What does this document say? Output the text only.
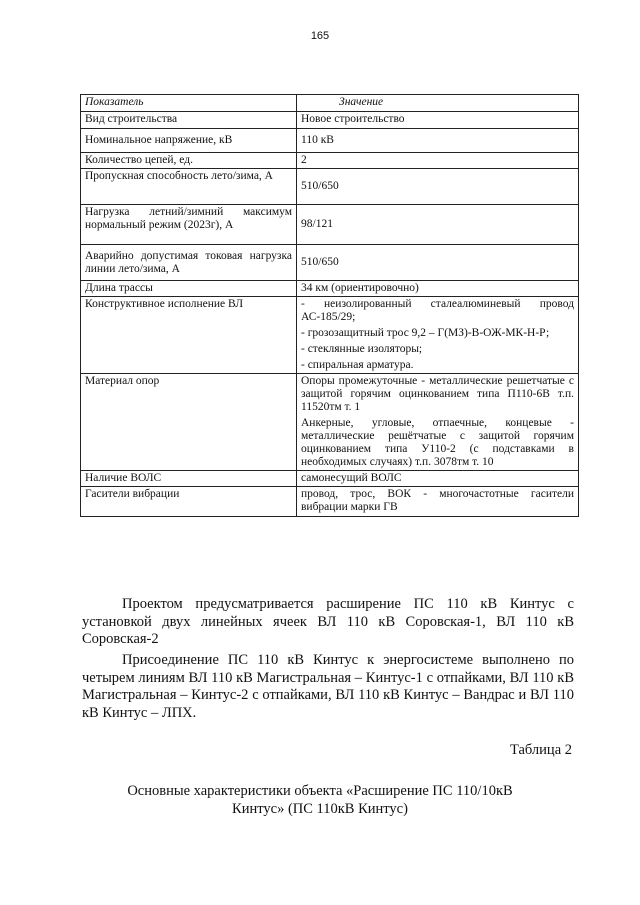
165
Показатель	Значение
Вид строительства	Новое строительство
Номинальное напряжение, кВ	110 кВ
Количество цепей, ед.	2
Пропускная способность лето/зима, А	510/650
Нагрузка летний/зимний максимум нормальный режим (2023г), А	98/121
Аварийно допустимая токовая нагрузка линии лето/зима, А	510/650
Длина трассы	34 км (ориентировочно)
Конструктивное исполнение ВЛ	- неизолированный сталеалюминевый провод АС-185/29;

- грозозащитный трос 9,2 – Г(МЗ)-В-ОЖ-МК-Н-Р;

- стеклянные изоляторы;

- спиральная арматура.

Материал опор	Опоры промежуточные - металлические решетчатые с защитой горячим оцинкованием типа П110-6В т.п. 11520тм т. 1

Анкерные, угловые, отпаечные, концевые - металлические решётчатые с защитой горячим оцинкованием типа У110-2 (с подставками в необходимых случаях) т.п. 3078тм т. 10

Наличие ВОЛС	самонесущий ВОЛС
Гасители вибрации	провод, трос, ВОК - многочастотные гасители вибрации марки ГВ

Проектом предусматривается расширение ПС 110 кВ Кинтус с установкой двух линейных ячеек ВЛ 110 кВ Соровская-1, ВЛ 110 кВ Соровская-2

Присоединение ПС 110 кВ Кинтус к энергосистеме выполнено по четырем линиям ВЛ 110 кВ Магистральная – Кинтус-1 с отпайками, ВЛ 110 кВ Магистральная – Кинтус-2 с отпайками, ВЛ 110 кВ Кинтус – Вандрас и ВЛ 110 кВ Кинтус – ЛПХ.

Таблица 2
Основные характеристики объекта «Расширение ПС 110/10кВ Кинтус» (ПС 110кВ Кинтус)
